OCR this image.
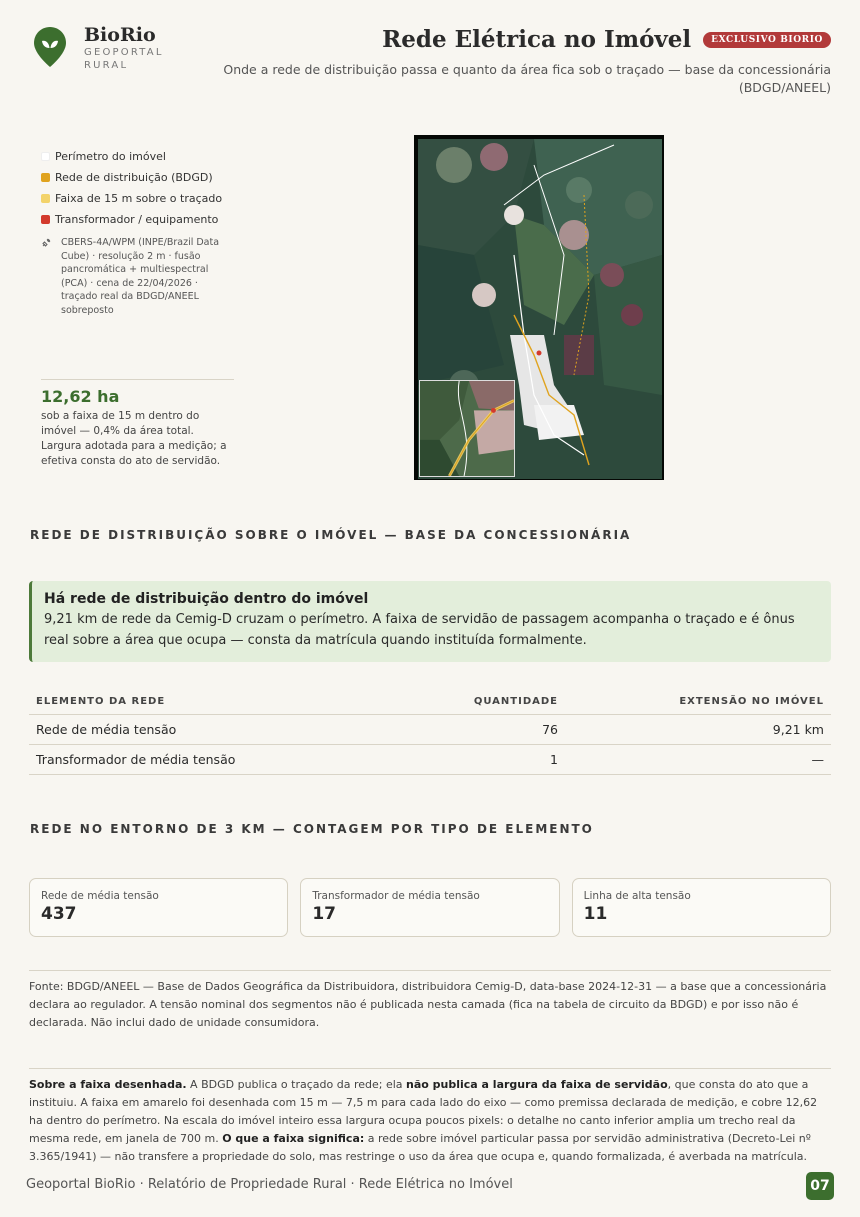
BioRio
GEOPORTAL RURAL
Rede Elétrica no Imóvel	EXCLUSIVO BIORIO
Onde a rede de distribuição passa e quanto da área fica sob o traçado — base da concessionária (BDGD/ANEEL)
Perímetro do imóvel
Rede de distribuição (BDGD)
Faixa de 15 m sobre o traçado
Transformador / equipamento
CBERS-4A/WPM (INPE/Brazil Data Cube) · resolução 2 m · fusão pancromática + multiespectral (PCA) · cena de 22/04/2026 · traçado real da BDGD/ANEEL sobreposto
12,62 ha
sob a faixa de 15 m dentro do imóvel — 0,4% da área total. Largura adotada para a medição; a efetiva consta do ato de servidão.
REDE DE DISTRIBUIÇÃO SOBRE O IMÓVEL — BASE DA CONCESSIONÁRIA
Há rede de distribuição dentro do imóvel
9,21 km de rede da Cemig-D cruzam o perímetro. A faixa de servidão de passagem acompanha o traçado e é ônus real sobre a área que ocupa — consta da matrícula quando instituída formalmente.
ELEMENTO DA REDE	QUANTIDADE	EXTENSÃO NO IMÓVEL
Rede de média tensão	76	9,21 km
Transformador de média tensão	1	—
REDE NO ENTORNO DE 3 KM — CONTAGEM POR TIPO DE ELEMENTO
Rede de média tensão
437
Transformador de média tensão
17
Linha de alta tensão
11
Fonte: BDGD/ANEEL — Base de Dados Geográfica da Distribuidora, distribuidora Cemig-D, data-base 2024-12-31 — a base que a concessionária declara ao regulador. A tensão nominal dos segmentos não é publicada nesta camada (fica na tabela de circuito da BDGD) e por isso não é declarada. Não inclui dado de unidade consumidora.
Sobre a faixa desenhada. A BDGD publica o traçado da rede; ela não publica a largura da faixa de servidão, que consta do ato que a instituiu. A faixa em amarelo foi desenhada com 15 m — 7,5 m para cada lado do eixo — como premissa declarada de medição, e cobre 12,62 ha dentro do perímetro. Na escala do imóvel inteiro essa largura ocupa poucos pixels: o detalhe no canto inferior amplia um trecho real da mesma rede, em janela de 700 m. O que a faixa significa: a rede sobre imóvel particular passa por servidão administrativa (Decreto-Lei nº 3.365/1941) — não transfere a propriedade do solo, mas restringe o uso da área que ocupa e, quando formalizada, é averbada na matrícula.
Geoportal BioRio · Relatório de Propriedade Rural · Rede Elétrica no Imóvel	07
